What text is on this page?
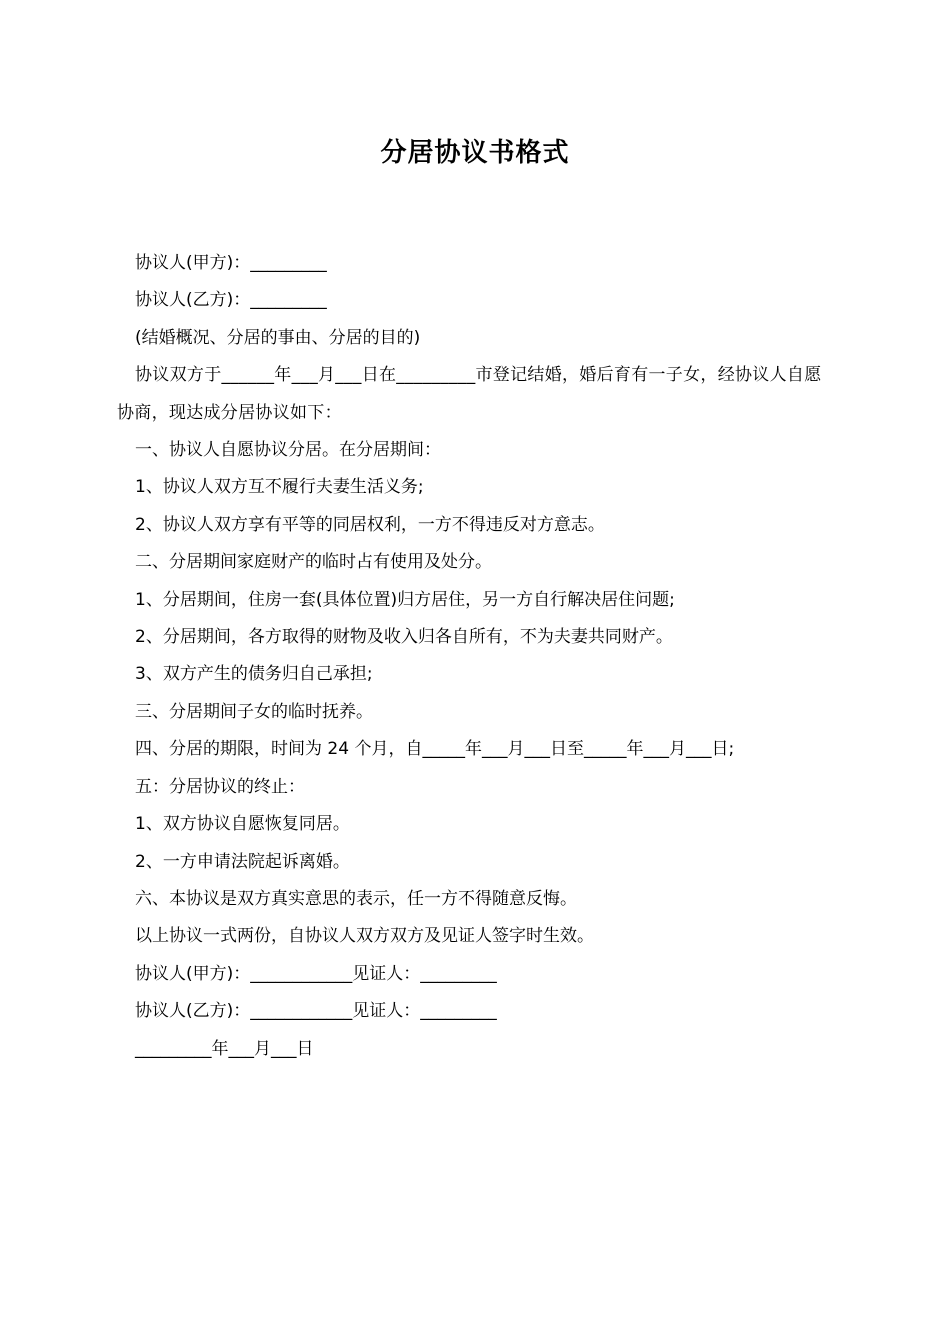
分居协议书格式

协议人(甲方)：_________

协议人(乙方)：_________

(结婚概况、分居的事由、分居的目的)

协议双方于______年___月___日在_________市登记结婚，婚后育有一子女，经协议人自愿协商，现达成分居协议如下：

一、协议人自愿协议分居。在分居期间：

1、协议人双方互不履行夫妻生活义务;

2、协议人双方享有平等的同居权利，一方不得违反对方意志。

二、分居期间家庭财产的临时占有使用及处分。

1、分居期间，住房一套(具体位置)归方居住，另一方自行解决居住问题;

2、分居期间，各方取得的财物及收入归各自所有，不为夫妻共同财产。

3、双方产生的债务归自己承担;

三、分居期间子女的临时抚养。

四、分居的期限，时间为 24 个月，自_____年___月___日至_____年___月___日;

五：分居协议的终止：

1、双方协议自愿恢复同居。

2、一方申请法院起诉离婚。

六、本协议是双方真实意思的表示，任一方不得随意反悔。

以上协议一式两份，自协议人双方双方及见证人签字时生效。

协议人(甲方)：____________见证人：_________

协议人(乙方)：____________见证人：_________

_________年___月___日
